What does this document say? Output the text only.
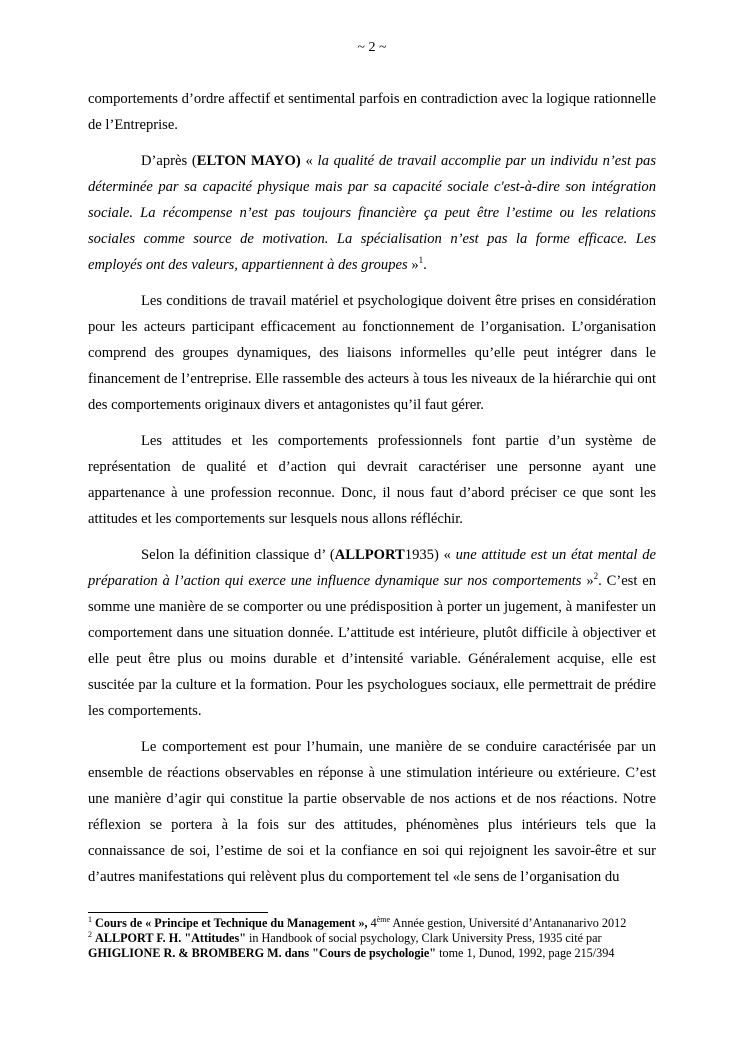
~ 2 ~

comportements d’ordre affectif et sentimental parfois en contradiction avec la logique rationnelle de l’Entreprise.

D’après (ELTON MAYO) « la qualité de travail accomplie par un individu n’est pas déterminée par sa capacité physique mais par sa capacité sociale c'est-à-dire son intégration sociale. La récompense n’est pas toujours financière ça peut être l’estime ou les relations sociales comme source de motivation. La spécialisation n’est pas la forme efficace. Les employés ont des valeurs, appartiennent à des groupes »$^1$.

Les conditions de travail matériel et psychologique doivent être prises en considération pour les acteurs participant efficacement au fonctionnement de l’organisation. L’organisation comprend des groupes dynamiques, des liaisons informelles qu’elle peut intégrer dans le financement de l’entreprise. Elle rassemble des acteurs à tous les niveaux de la hiérarchie qui ont des comportements originaux divers et antagonistes qu’il faut gérer.

Les attitudes et les comportements professionnels font partie d’un système de représentation de qualité et d’action qui devrait caractériser une personne ayant une appartenance à une profession reconnue. Donc, il nous faut d’abord préciser ce que sont les attitudes et les comportements sur lesquels nous allons réfléchir.

Selon la définition classique d’ (ALLPORT1935) « une attitude est un état mental de préparation à l’action qui exerce une influence dynamique sur nos comportements »$^2$. C’est en somme une manière de se comporter ou une prédisposition à porter un jugement, à manifester un comportement dans une situation donnée. L’attitude est intérieure, plutôt difficile à objectiver et elle peut être plus ou moins durable et d’intensité variable. Généralement acquise, elle est suscitée par la culture et la formation. Pour les psychologues sociaux, elle permettrait de prédire les comportements.

Le comportement est pour l’humain, une manière de se conduire caractérisée par un ensemble de réactions observables en réponse à une stimulation intérieure ou extérieure. C’est une manière d’agir qui constitue la partie observable de nos actions et de nos réactions. Notre réflexion se portera à la fois sur des attitudes, phénomènes plus intérieurs tels que la connaissance de soi, l’estime de soi et la confiance en soi qui rejoignent les savoir-être et sur d’autres manifestations qui relèvent plus du comportement tel «le sens de l’organisation du

$^1$ Cours de « Principe et Technique du Management », 4ème Année gestion, Université d’Antananarivo 2012

$^2$ ALLPORT F. H. "Attitudes" in Handbook of social psychology, Clark University Press, 1935 cité par GHIGLIONE R. & BROMBERG M. dans "Cours de psychologie" tome 1, Dunod, 1992, page 215/394
